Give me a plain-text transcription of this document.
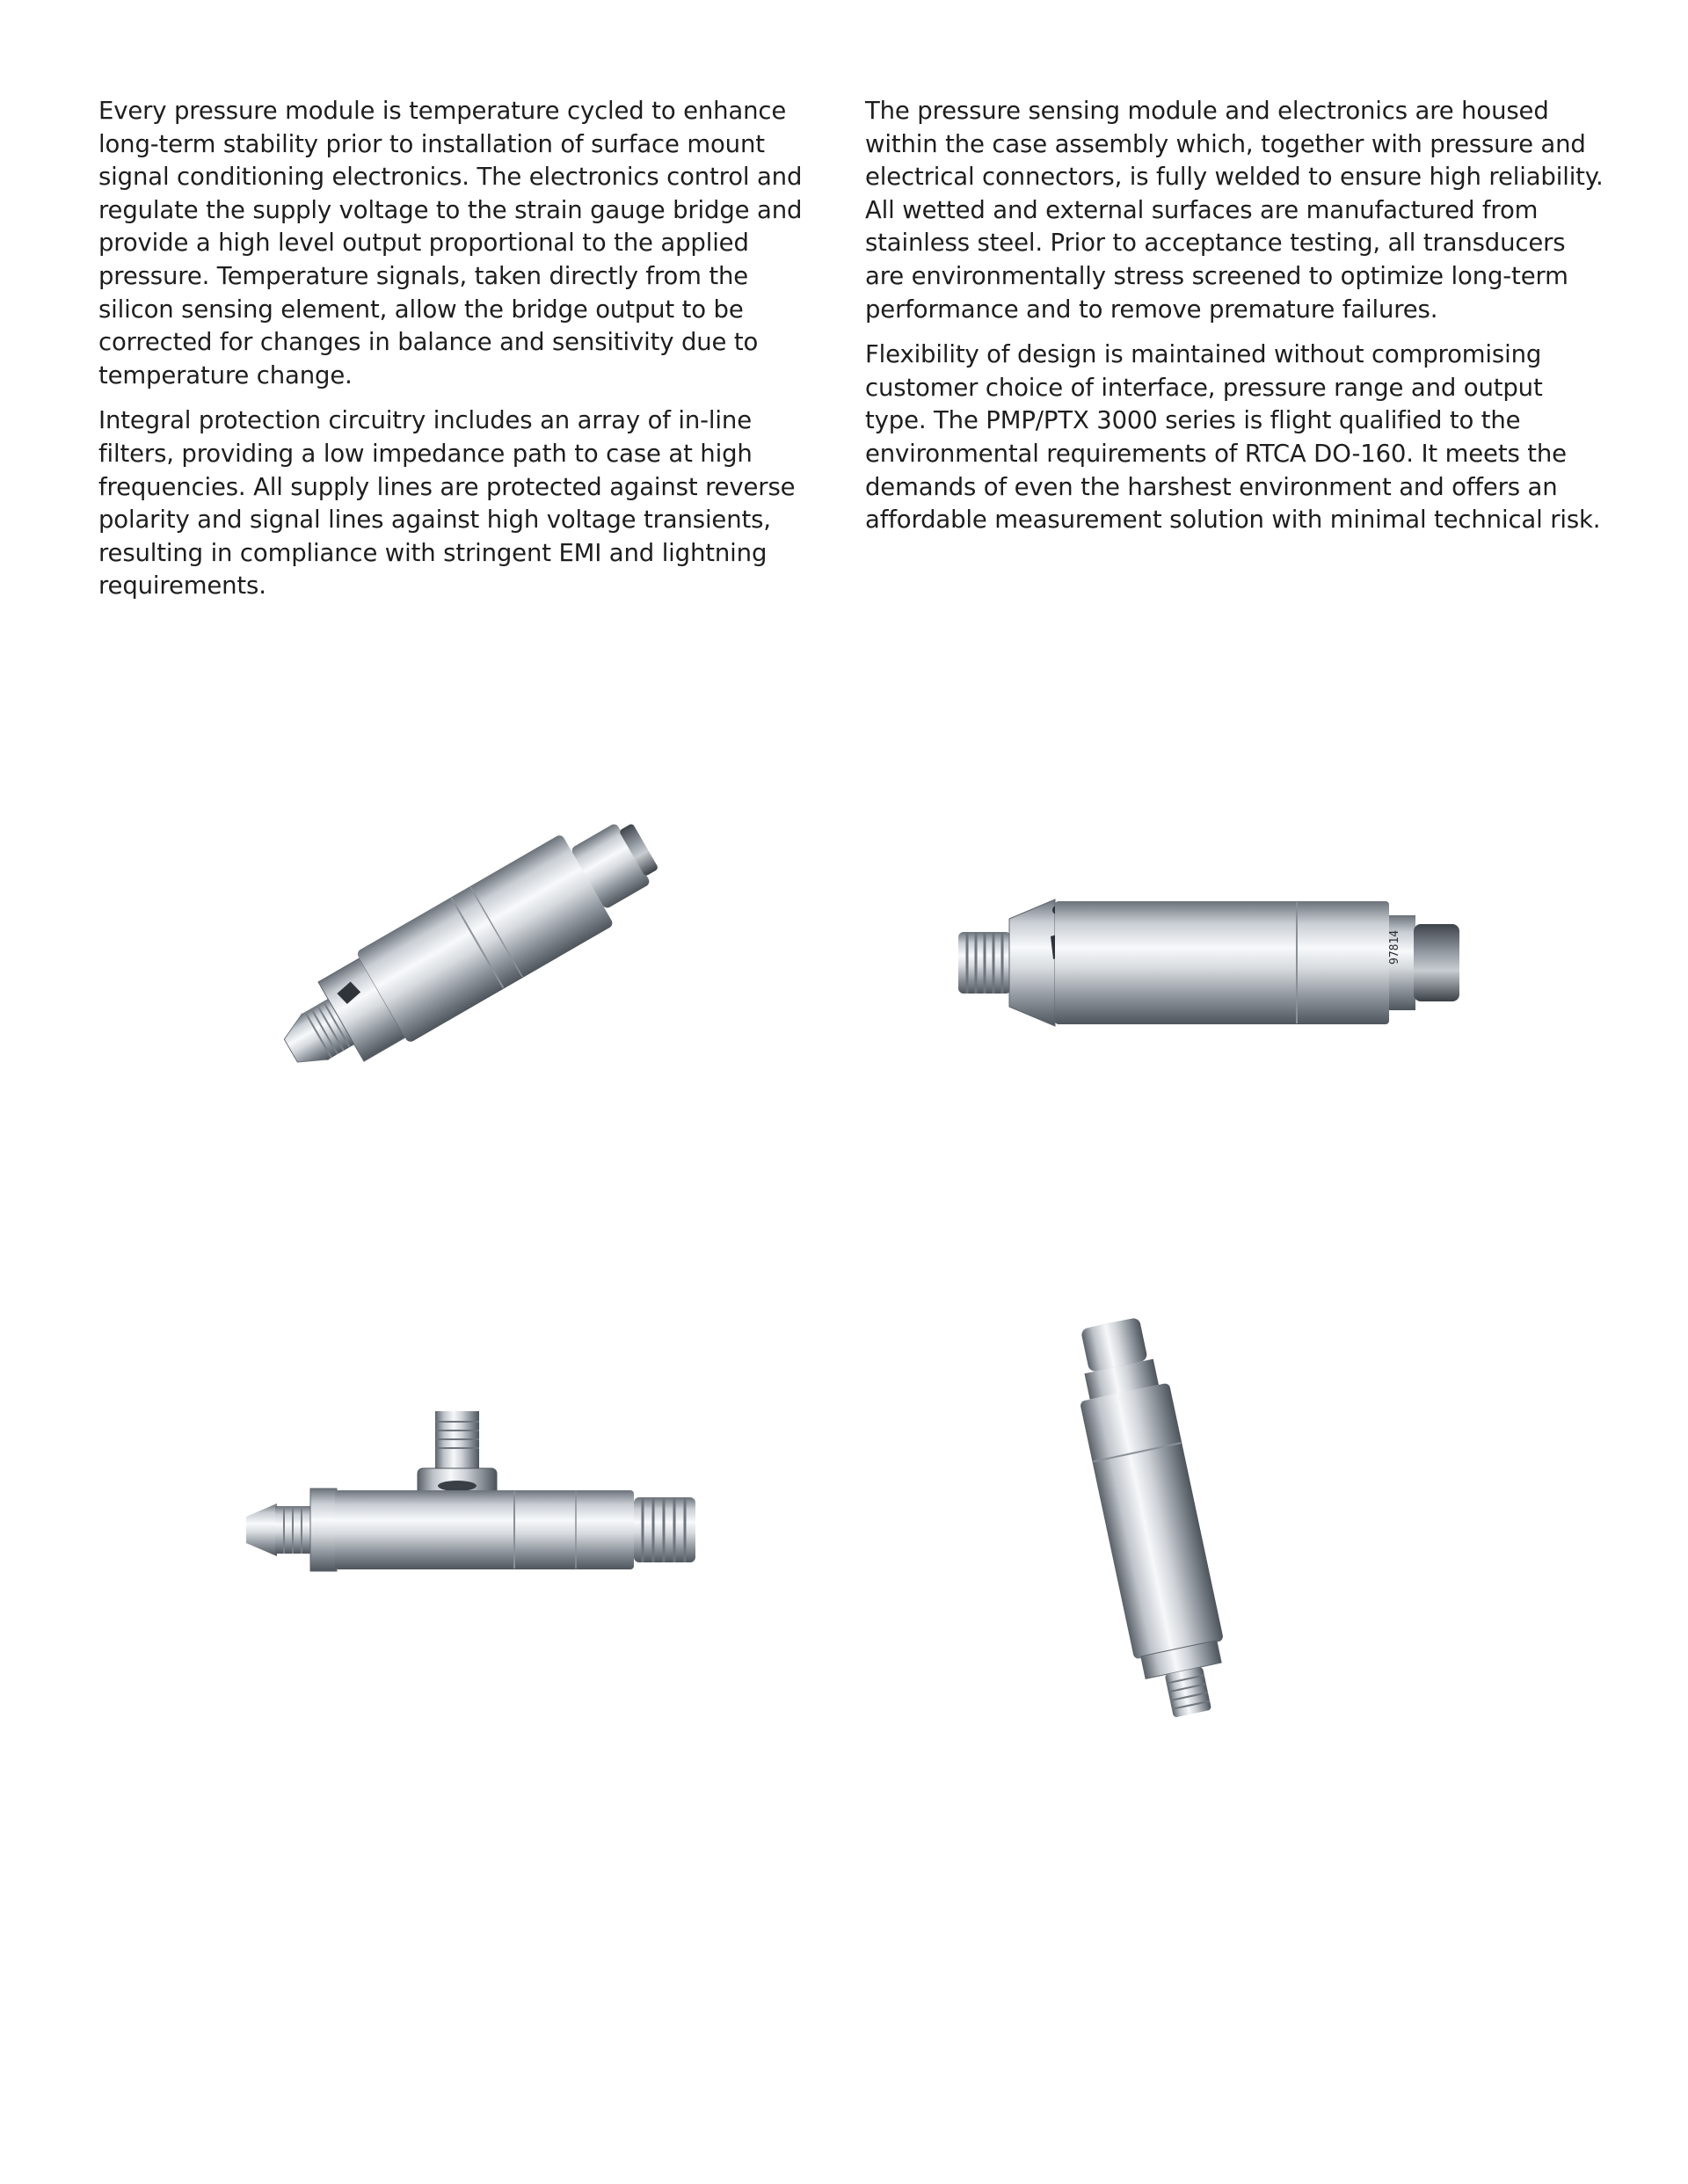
Every pressure module is temperature cycled to enhance long-term stability prior to installation of surface mount signal conditioning electronics. The electronics control and regulate the supply voltage to the strain gauge bridge and provide a high level output proportional to the applied pressure. Temperature signals, taken directly from the silicon sensing element, allow the bridge output to be corrected for changes in balance and sensitivity due to temperature change.

Integral protection circuitry includes an array of in-line filters, providing a low impedance path to case at high frequencies. All supply lines are protected against reverse polarity and signal lines against high voltage transients, resulting in compliance with stringent EMI and lightning requirements.

The pressure sensing module and electronics are housed within the case assembly which, together with pressure and electrical connectors, is fully welded to ensure high reliability. All wetted and external surfaces are manufactured from stainless steel. Prior to acceptance testing, all transducers are environmentally stress screened to optimize long-term performance and to remove premature failures.

Flexibility of design is maintained without compromising customer choice of interface, pressure range and output type. The PMP/PTX 3000 series is flight qualified to the environmental requirements of RTCA DO-160. It meets the demands of even the harshest environment and offers an affordable measurement solution with minimal technical risk.

97814
